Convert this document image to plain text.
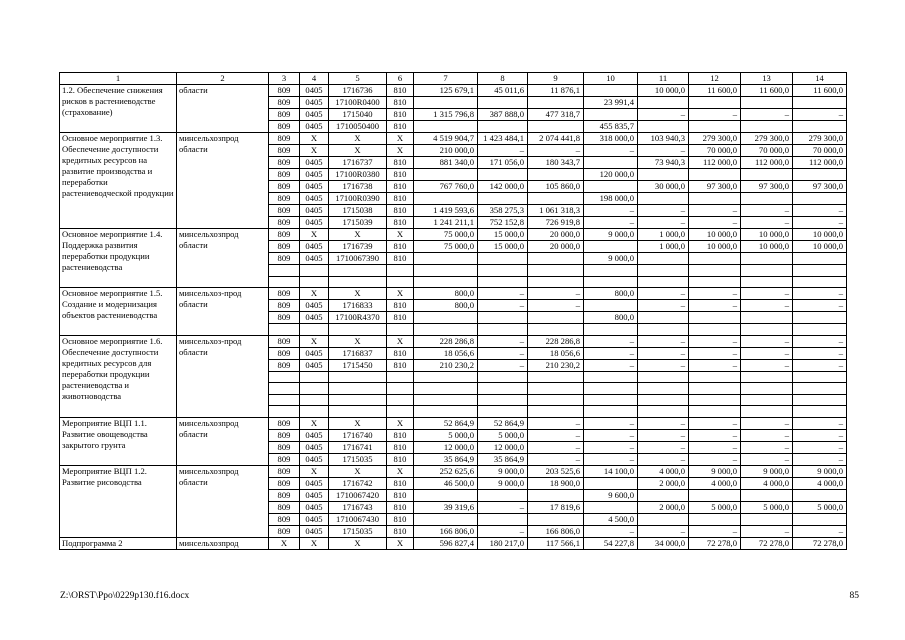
1	2	3	4	5	6	7	8	9	10	11	12	13	14
1.2. Обеспечение снижения рисков в растениеводстве (страхование)	области	809	0405	1716736	810	125 679,1	45 011,6	11 876,1		10 000,0	11 600,0	11 600,0	11 600,0
		809	0405	17100R0400	810				23 991,4				
		809	0405	1715040	810	1 315 796,8	387 888,0	477 318,7		–	–	–	–
		809	0405	1710050400	810				455 835,7				
Основное мероприятие 1.3. Обеспечение доступности кредитных ресурсов на развитие производства и переработки растениеводческой продукции	минсельхозпрод области	809	Х	Х	Х	4 519 904,7	1 423 484,1	2 074 441,8	318 000,0	103 940,3	279 300,0	279 300,0	279 300,0
		809	Х	Х	Х	210 000,0	–	–	–	–	70 000,0	70 000,0	70 000,0
		809	0405	1716737	810	881 340,0	171 056,0	180 343,7		73 940,3	112 000,0	112 000,0	112 000,0
		809	0405	17100R0380	810				120 000,0				
		809	0405	1716738	810	767 760,0	142 000,0	105 860,0		30 000,0	97 300,0	97 300,0	97 300,0
		809	0405	17100R0390	810				198 000,0				
		809	0405	1715038	810	1 419 593,6	358 275,3	1 061 318,3	–	–	–	–	–
		809	0405	1715039	810	1 241 211,1	752 152,8	726 919,8	–	–	–	–	–
Основное мероприятие 1.4. Поддержка развития переработки продукции растениеводства	минсельхозпрод области	809	Х	Х	Х	75 000,0	15 000,0	20 000,0	9 000,0	1 000,0	10 000,0	10 000,0	10 000,0
		809	0405	1716739	810	75 000,0	15 000,0	20 000,0		1 000,0	10 000,0	10 000,0	10 000,0
		809	0405	1710067390	810				9 000,0				

Основное мероприятие 1.5. Создание и модернизация объектов растениеводства	минсельхоз-прод области	809	Х	Х	Х	800,0	–	–	800,0	–	–	–	–
		809	0405	1716833	810	800,0	–	–		–	–	–	–
		809	0405	17100R4370	810				800,0				

Основное мероприятие 1.6. Обеспечение доступности кредитных ресурсов для переработки продукции растениеводства и животноводства	минсельхоз-прод области	809	Х	Х	Х	228 286,8	–	228 286,8	–	–	–	–	–
		809	0405	1716837	810	18 056,6	–	18 056,6	–	–	–	–	–
		809	0405	1715450	810	210 230,2	–	210 230,2	–	–	–	–	–

Мероприятие ВЦП 1.1. Развитие овощеводства закрытого грунта	минсельхозпрод области	809	Х	Х	Х	52 864,9	52 864,9	–	–	–	–	–	–
		809	0405	1716740	810	5 000,0	5 000,0	–	–	–	–	–	–
		809	0405	1716741	810	12 000,0	12 000,0	–	–	–	–	–	–
		809	0405	1715035	810	35 864,9	35 864,9	–	–	–	–	–	–
Мероприятие ВЦП 1.2. Развитие рисоводства	минсельхозпрод области	809	Х	Х	Х	252 625,6	9 000,0	203 525,6	14 100,0	4 000,0	9 000,0	9 000,0	9 000,0
		809	0405	1716742	810	46 500,0	9 000,0	18 900,0		2 000,0	4 000,0	4 000,0	4 000,0
		809	0405	1710067420	810				9 600,0				
		809	0405	1716743	810	39 319,6	–	17 819,6		2 000,0	5 000,0	5 000,0	5 000,0
		809	0405	1710067430	810				4 500,0				
		809	0405	1715035	810	166 806,0	–	166 806,0	–	–	–	–	–
Подпрограмма 2	минсельхозпрод	Х	Х	Х	Х	596 827,4	180 217,0	117 566,1	54 227,8	34 000,0	72 278,0	72 278,0	72 278,0
Z:\ORST\Ppo\0229p130.f16.docx	85
